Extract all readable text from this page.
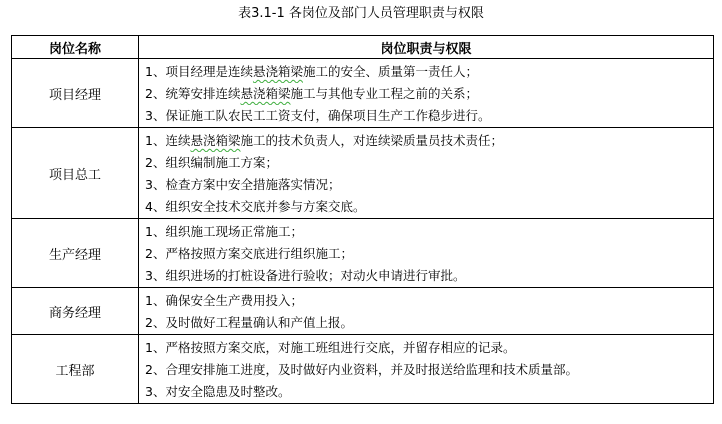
表3.1-1 各岗位及部门人员管理职责与权限
岗位名称	岗位职责与权限
项目经理	1、项目经理是连续悬浇箱梁施工的安全、质量第一责任人；
2、统筹安排连续悬浇箱梁施工与其他专业工程之前的关系；
3、保证施工队农民工工资支付，确保项目生产工作稳步进行。

项目总工	1、连续悬浇箱梁施工的技术负责人，对连续梁质量员技术责任；
2、组织编制施工方案；
3、检查方案中安全措施落实情况；
4、组织安全技术交底并参与方案交底。

生产经理	1、组织施工现场正常施工；
2、严格按照方案交底进行组织施工；
3、组织进场的打桩设备进行验收；对动火申请进行审批。

商务经理	1、确保安全生产费用投入；
2、及时做好工程量确认和产值上报。

工程部	1、严格按照方案交底，对施工班组进行交底，并留存相应的记录。
2、合理安排施工进度，及时做好内业资料，并及时报送给监理和技术质量部。
3、对安全隐患及时整改。
